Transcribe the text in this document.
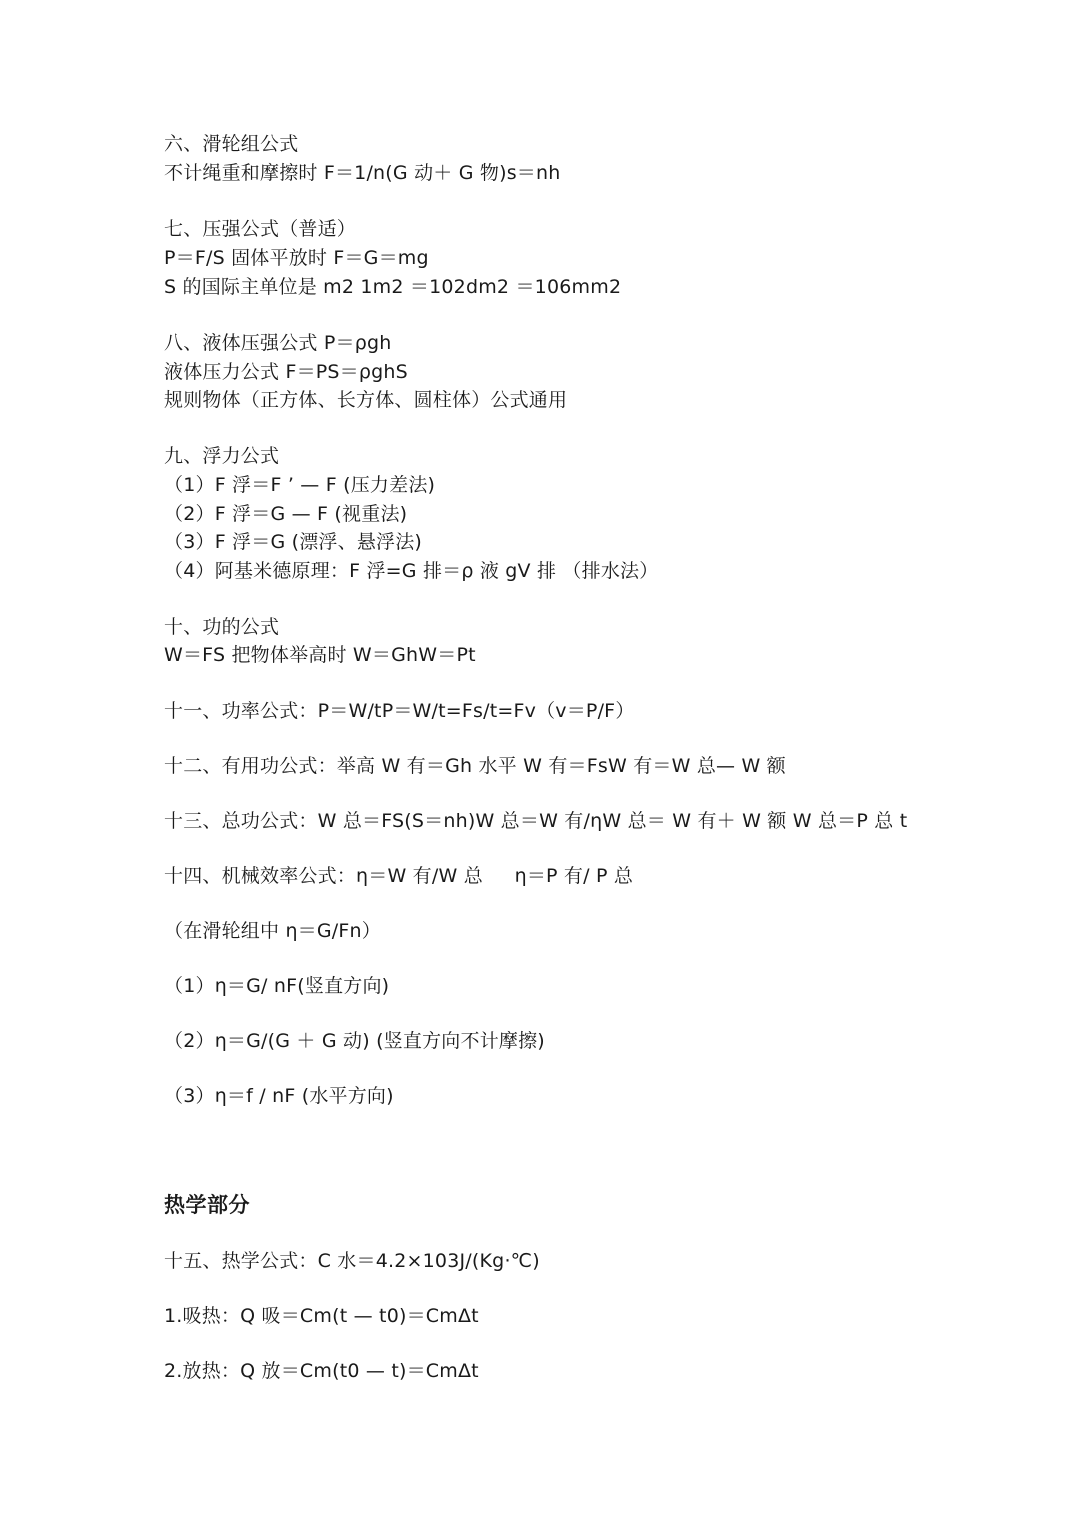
六、滑轮组公式
不计绳重和摩擦时 F＝1/n(G 动＋ G 物)s＝nh
七、压强公式（普适）
P＝F/S 固体平放时 F＝G＝mg
S 的国际主单位是 m2 1m2 ＝102dm2 ＝106mm2
八、液体压强公式 P＝ρgh
液体压力公式 F＝PS＝ρghS
规则物体（正方体、长方体、圆柱体）公式通用
九、浮力公式
（1）F 浮＝F ’ — F (压力差法)
（2）F 浮＝G — F (视重法)
（3）F 浮＝G (漂浮、悬浮法)
（4）阿基米德原理：F 浮=G 排＝ρ 液 gV 排 （排水法）
十、功的公式
W＝FS 把物体举高时 W＝GhW＝Pt
十一、功率公式：P＝W/tP＝W/t=Fs/t=Fv（v＝P/F）
十二、有用功公式：举高 W 有＝Gh 水平 W 有＝FsW 有＝W 总— W 额
十三、总功公式：W 总＝FS(S＝nh)W 总＝W 有/ηW 总＝ W 有＋ W 额 W 总＝P 总 t
十四、机械效率公式：η＝W 有/W 总 　 η＝P 有/ P 总
（在滑轮组中 η＝G/Fn）
（1）η＝G/ nF(竖直方向)
（2）η＝G/(G ＋ G 动) (竖直方向不计摩擦)
（3）η＝f / nF (水平方向)
热学部分
十五、热学公式：C 水＝4.2×103J/(Kg·℃)
1.吸热：Q 吸＝Cm(t — t0)＝CmΔt
2.放热：Q 放＝Cm(t0 — t)＝CmΔt
